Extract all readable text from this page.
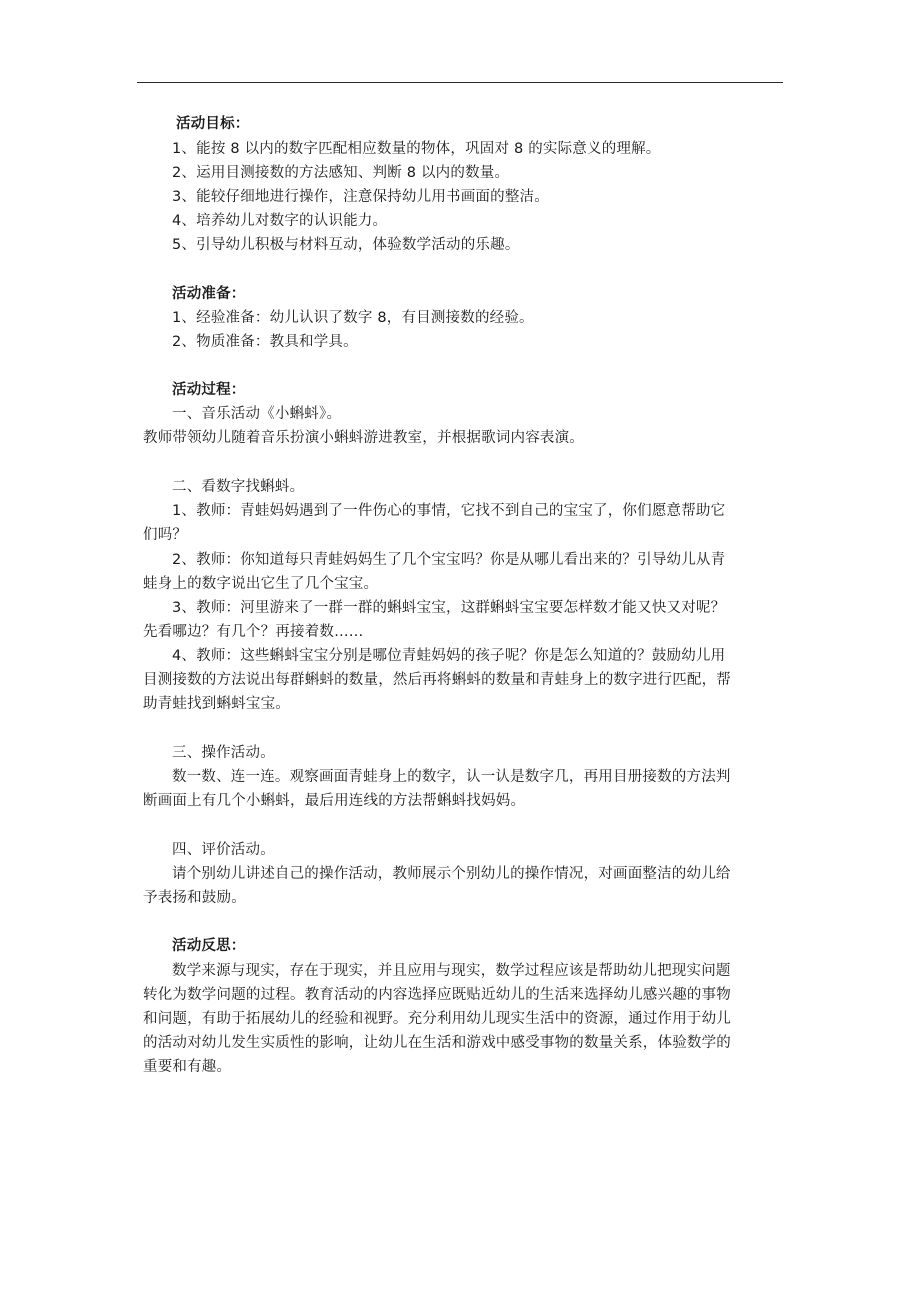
活动目标：
1、能按 8 以内的数字匹配相应数量的物体，巩固对 8 的实际意义的理解。
2、运用目测接数的方法感知、判断 8 以内的数量。
3、能较仔细地进行操作，注意保持幼儿用书画面的整洁。
4、培养幼儿对数字的认识能力。
5、引导幼儿积极与材料互动，体验数学活动的乐趣。
活动准备：
1、经验准备：幼儿认识了数字 8，有目测接数的经验。
2、物质准备：教具和学具。
活动过程：
一、音乐活动《小蝌蚪》。
教师带领幼儿随着音乐扮演小蝌蚪游进教室，并根据歌词内容表演。
二、看数字找蝌蚪。
1、教师：青蛙妈妈遇到了一件伤心的事情，它找不到自己的宝宝了，你们愿意帮助它
们吗？
2、教师：你知道每只青蛙妈妈生了几个宝宝吗？你是从哪儿看出来的？引导幼儿从青
蛙身上的数字说出它生了几个宝宝。
3、教师：河里游来了一群一群的蝌蚪宝宝，这群蝌蚪宝宝要怎样数才能又快又对呢？
先看哪边？有几个？再接着数……
4、教师：这些蝌蚪宝宝分别是哪位青蛙妈妈的孩子呢？你是怎么知道的？鼓励幼儿用
目测接数的方法说出每群蝌蚪的数量，然后再将蝌蚪的数量和青蛙身上的数字进行匹配，帮
助青蛙找到蝌蚪宝宝。
三、操作活动。
数一数、连一连。观察画面青蛙身上的数字，认一认是数字几，再用目册接数的方法判
断画面上有几个小蝌蚪，最后用连线的方法帮蝌蚪找妈妈。
四、评价活动。
请个别幼儿讲述自己的操作活动，教师展示个别幼儿的操作情况，对画面整洁的幼儿给
予表扬和鼓励。
活动反思：
数学来源与现实，存在于现实，并且应用与现实，数学过程应该是帮助幼儿把现实问题
转化为数学问题的过程。教育活动的内容选择应既贴近幼儿的生活来选择幼儿感兴趣的事物
和问题，有助于拓展幼儿的经验和视野。充分利用幼儿现实生活中的资源，通过作用于幼儿
的活动对幼儿发生实质性的影响，让幼儿在生活和游戏中感受事物的数量关系，体验数学的
重要和有趣。
